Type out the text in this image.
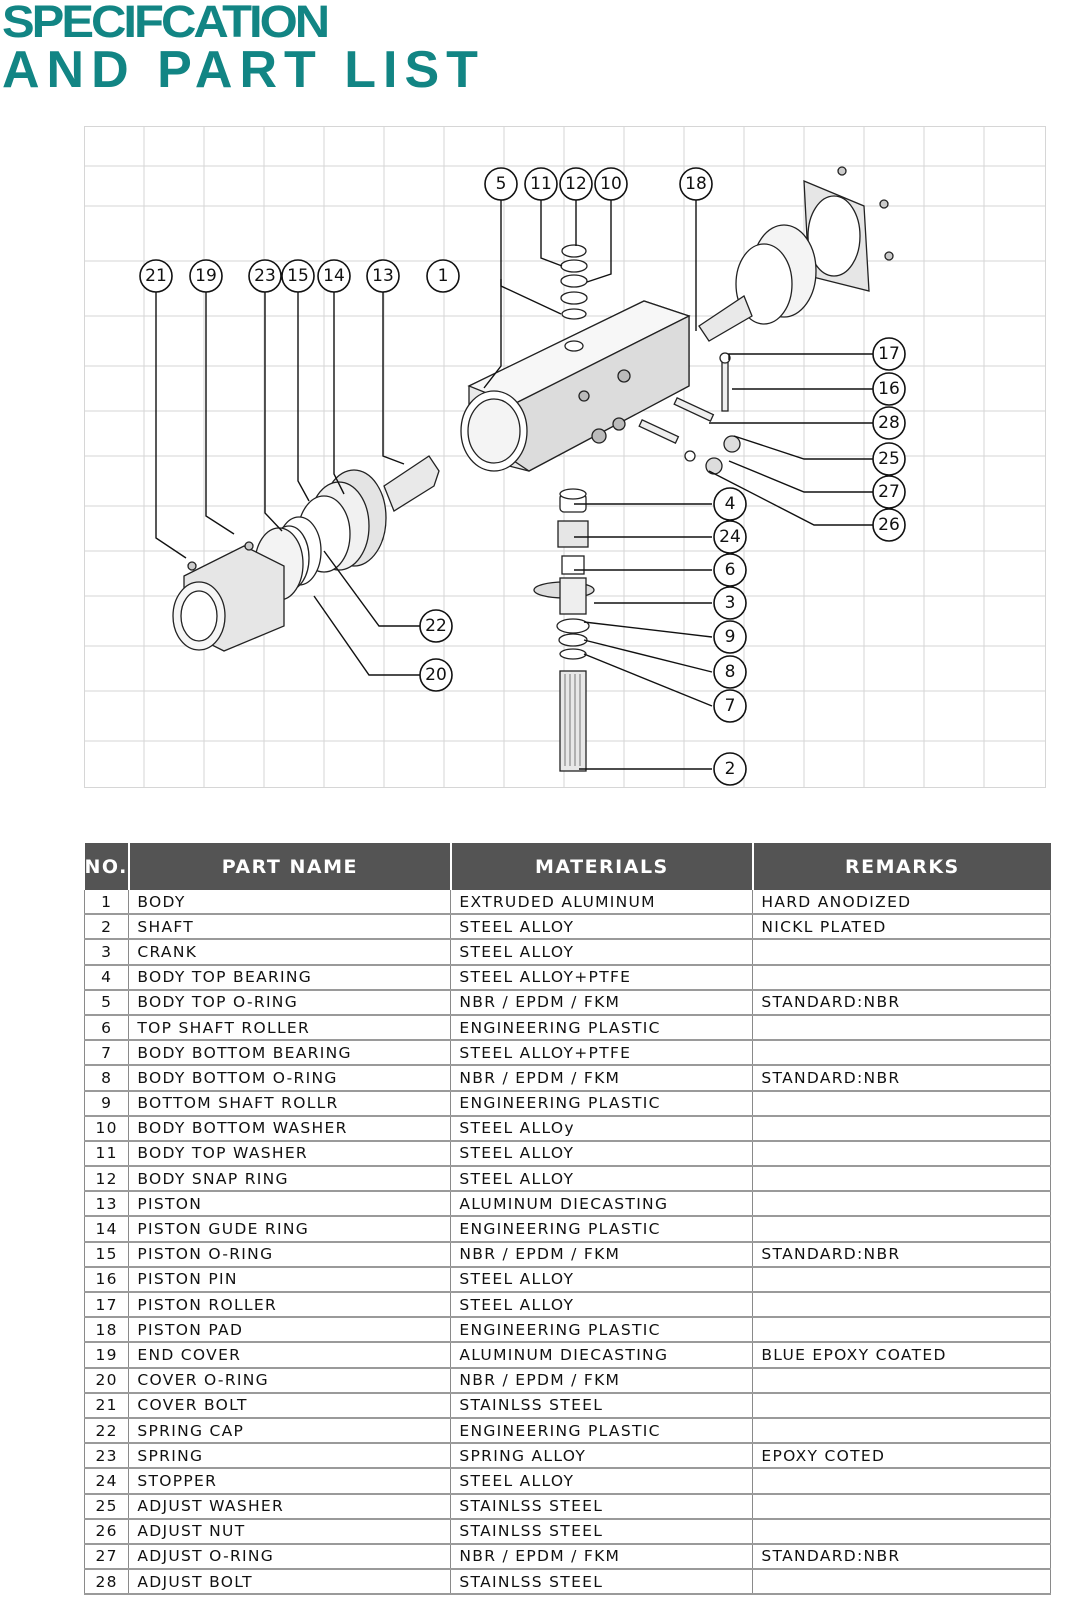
SPECIFCATION
AND PART LIST
1
2
3
4
5
6
7
8
9
10
11 12
13
14
15
16
17
18
19
20
21
22
23
24
25
26
27
28
NO.	PART NAME	MATERIALS	REMARKS
1	BODY	EXTRUDED ALUMINUM	HARD ANODIZED
2	SHAFT	STEEL ALLOY	NICKL PLATED
3	CRANK	STEEL ALLOY	
4	BODY TOP BEARING	STEEL ALLOY+PTFE	
5	BODY TOP O-RING	NBR / EPDM / FKM	STANDARD:NBR
6	TOP SHAFT ROLLER	ENGINEERING PLASTIC	
7	BODY BOTTOM BEARING	STEEL ALLOY+PTFE	
8	BODY BOTTOM O-RING	NBR / EPDM / FKM	STANDARD:NBR
9	BOTTOM SHAFT ROLLR	ENGINEERING PLASTIC	
10	BODY BOTTOM WASHER	STEEL ALLOy	
11	BODY TOP WASHER	STEEL ALLOY	
12	BODY SNAP RING	STEEL ALLOY	
13	PISTON	ALUMINUM DIECASTING	
14	PISTON GUDE RING	ENGINEERING PLASTIC	
15	PISTON O-RING	NBR / EPDM / FKM	STANDARD:NBR
16	PISTON PIN	STEEL ALLOY	
17	PISTON ROLLER	STEEL ALLOY	
18	PISTON PAD	ENGINEERING PLASTIC	
19	END COVER	ALUMINUM DIECASTING	BLUE EPOXY COATED
20	COVER O-RING	NBR / EPDM / FKM	
21	COVER BOLT	STAINLSS STEEL	
22	SPRING CAP	ENGINEERING PLASTIC	
23	SPRING	SPRING ALLOY	EPOXY COTED
24	STOPPER	STEEL ALLOY	
25	ADJUST WASHER	STAINLSS STEEL	
26	ADJUST NUT	STAINLSS STEEL	
27	ADJUST O-RING	NBR / EPDM / FKM	STANDARD:NBR
28	ADJUST BOLT	STAINLSS STEEL	
